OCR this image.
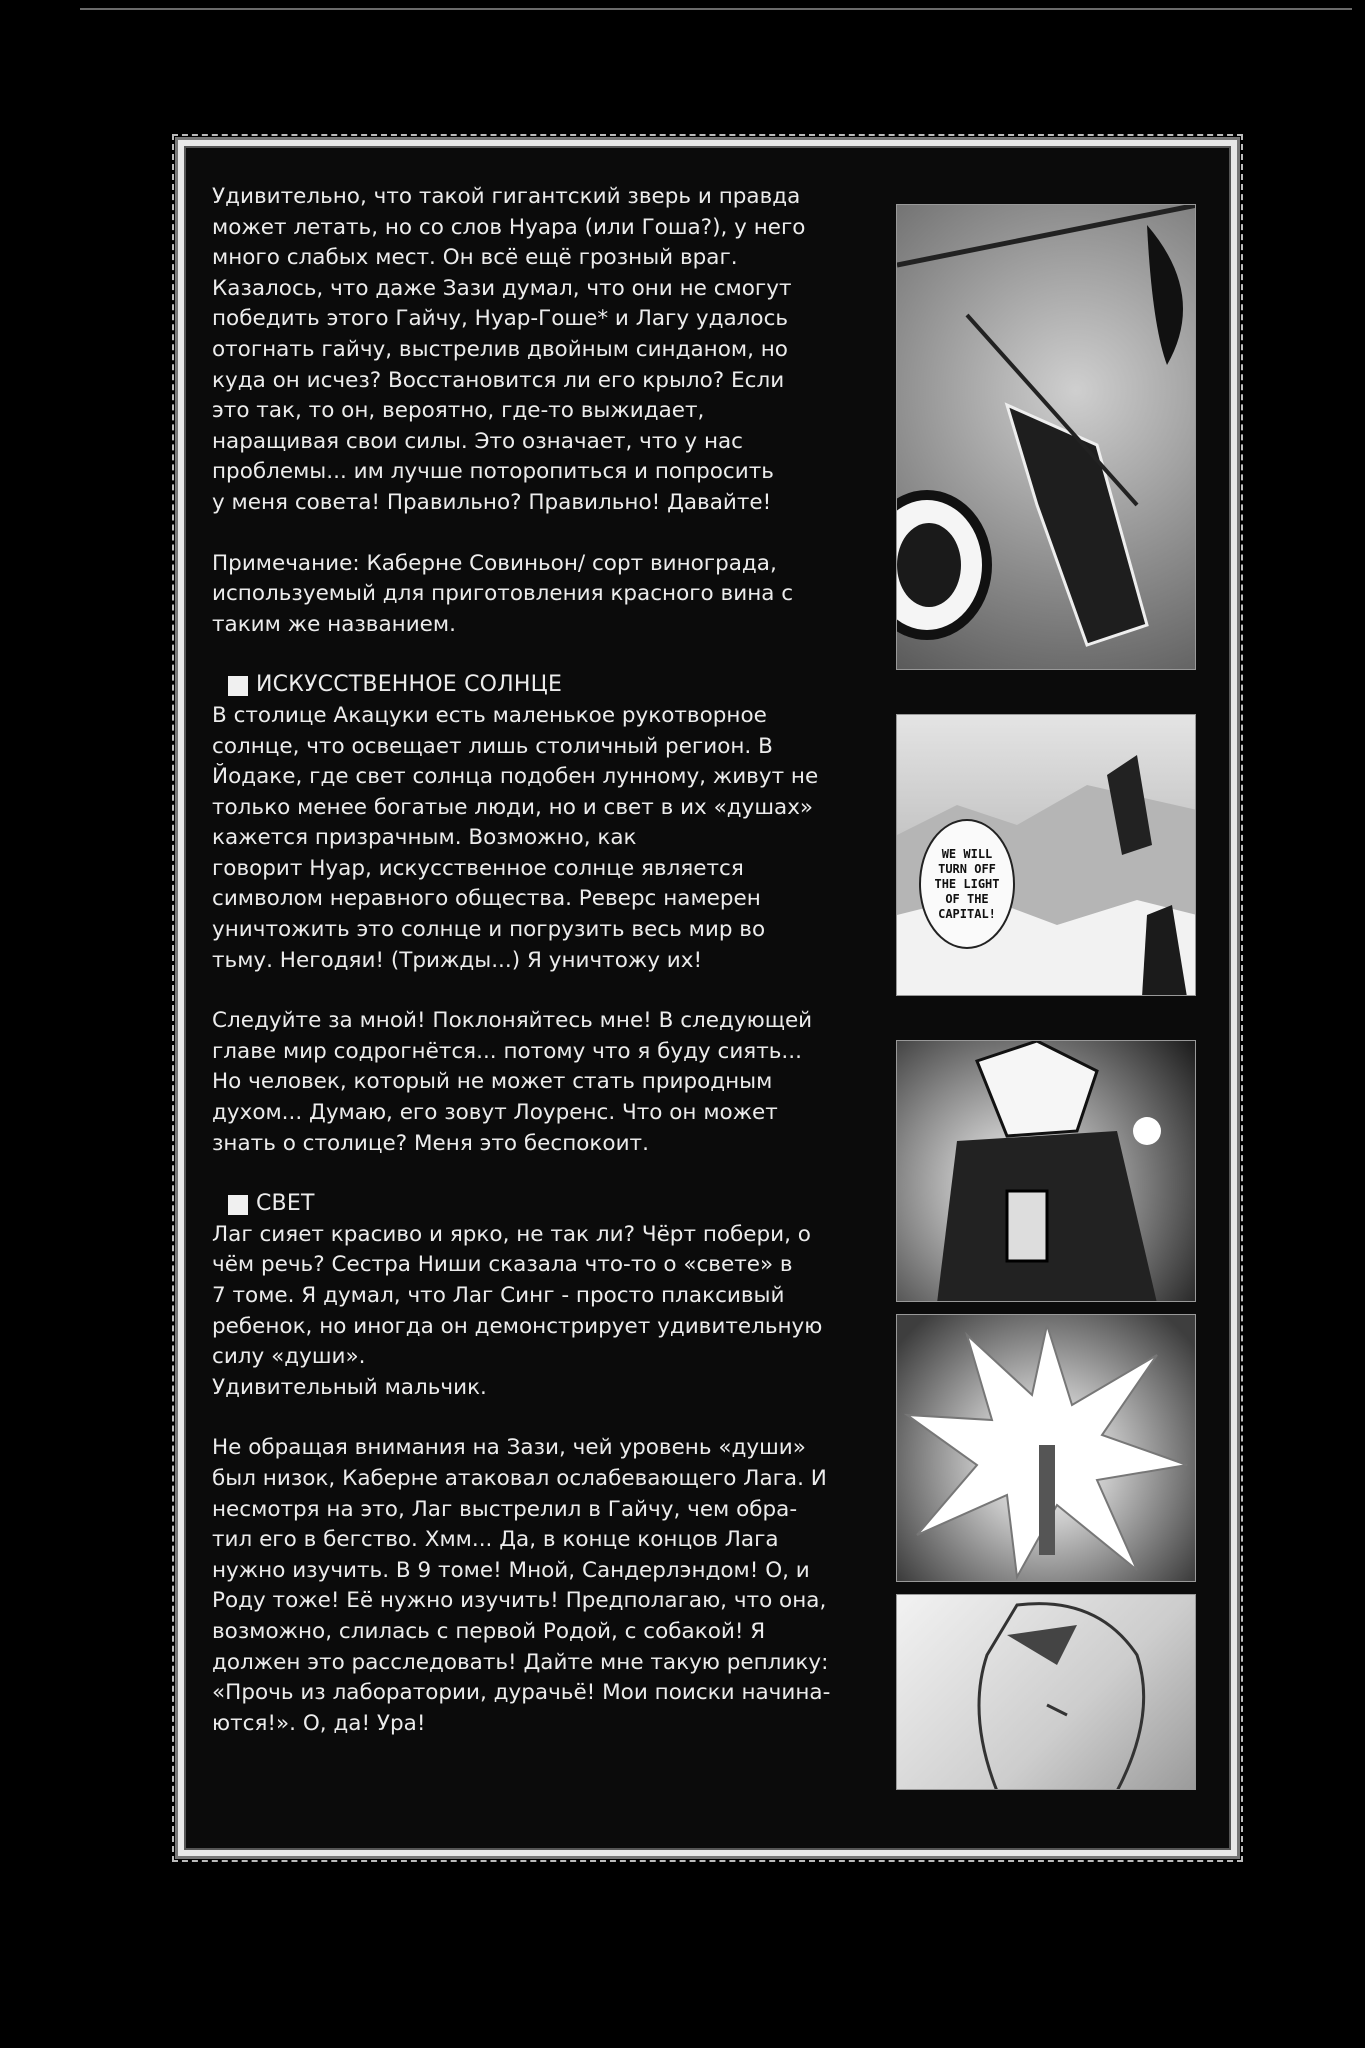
Удивительно, что такой гигантский зверь и правда
может летать, но со слов Нуара (или Гоша?), у него
много слабых мест. Он всё ещё грозный враг.
Казалось, что даже Зази думал, что они не смогут
победить этого Гайчу, Нуар-Гоше* и Лагу удалось
отогнать гайчу, выстрелив двойным синданом, но
куда он исчез? Восстановится ли его крыло? Если
это так, то он, вероятно, где-то выжидает,
наращивая свои силы. Это означает, что у нас
проблемы... им лучше поторопиться и попросить
у меня совета! Правильно? Правильно! Давайте!
Примечание: Каберне Совиньон/ сорт винограда,
используемый для приготовления красного вина с
таким же названием.
ИСКУССТВЕННОЕ СОЛНЦЕ
В столице Акацуки есть маленькое рукотворное
солнце, что освещает лишь столичный регион. В
Йодаке, где свет солнца подобен лунному, живут не
только менее богатые люди, но и свет в их «душах»
кажется призрачным. Возможно, как
говорит Нуар, искусственное солнце является
символом неравного общества. Реверс намерен
уничтожить это солнце и погрузить весь мир во
тьму. Негодяи! (Трижды...) Я уничтожу их!
Следуйте за мной! Поклоняйтесь мне! В следующей
главе мир содрогнётся... потому что я буду сиять...
Но человек, который не может стать природным
духом... Думаю, его зовут Лоуренс. Что он может
знать о столице? Меня это беспокоит.
СВЕТ
Лаг сияет красиво и ярко, не так ли? Чёрт побери, о
чём речь? Сестра Ниши сказала что-то о «свете» в
7 томе. Я думал, что Лаг Синг - просто плаксивый
ребенок, но иногда он демонстрирует удивительную
силу «души».
Удивительный мальчик.
Не обращая внимания на Зази, чей уровень «души»
был низок, Каберне атаковал ослабевающего Лага. И
несмотря на это, Лаг выстрелил в Гайчу, чем обра-
тил его в бегство. Хмм... Да, в конце концов Лага
нужно изучить. В 9 томе! Мной, Сандерлэндом! О, и
Роду тоже! Её нужно изучить! Предполагаю, что она,
возможно, слилась с первой Родой, с собакой! Я
должен это расследовать! Дайте мне такую реплику:
«Прочь из лаборатории, дурачьё! Мои поиски начина-
ются!». О, да! Ура!
WE WILL
TURN OFF
THE LIGHT
OF THE
CAPITAL!
